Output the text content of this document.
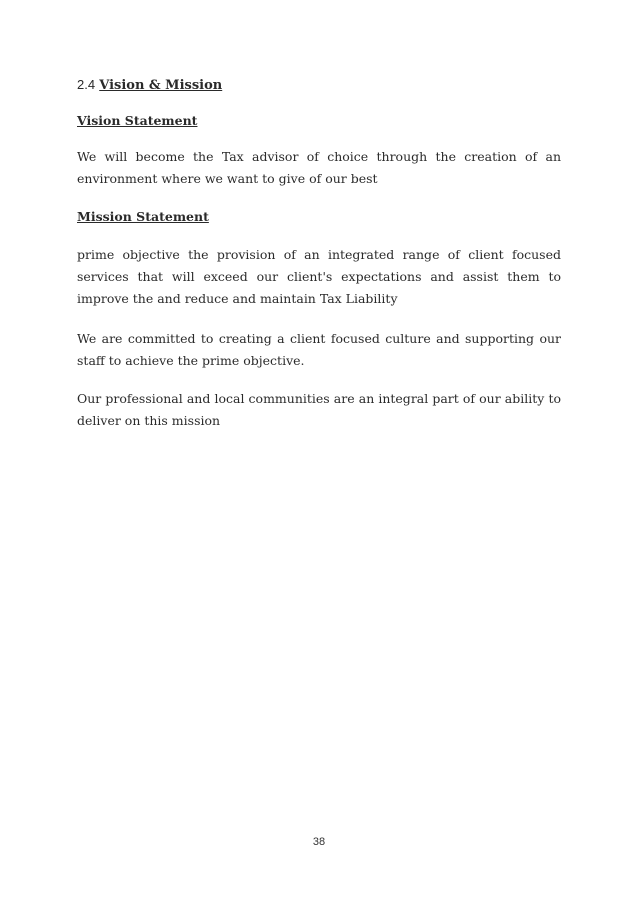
2.4 Vision & Mission
Vision Statement

We will become the Tax advisor of choice through the creation of an environment where we want to give of our best

Mission Statement

prime objective the provision of an integrated range of client focused services that will exceed our client's expectations and assist them to improve the and reduce and maintain Tax Liability

We are committed to creating a client focused culture and supporting our staff to achieve the prime objective.

Our professional and local communities are an integral part of our ability to deliver on this mission

38
